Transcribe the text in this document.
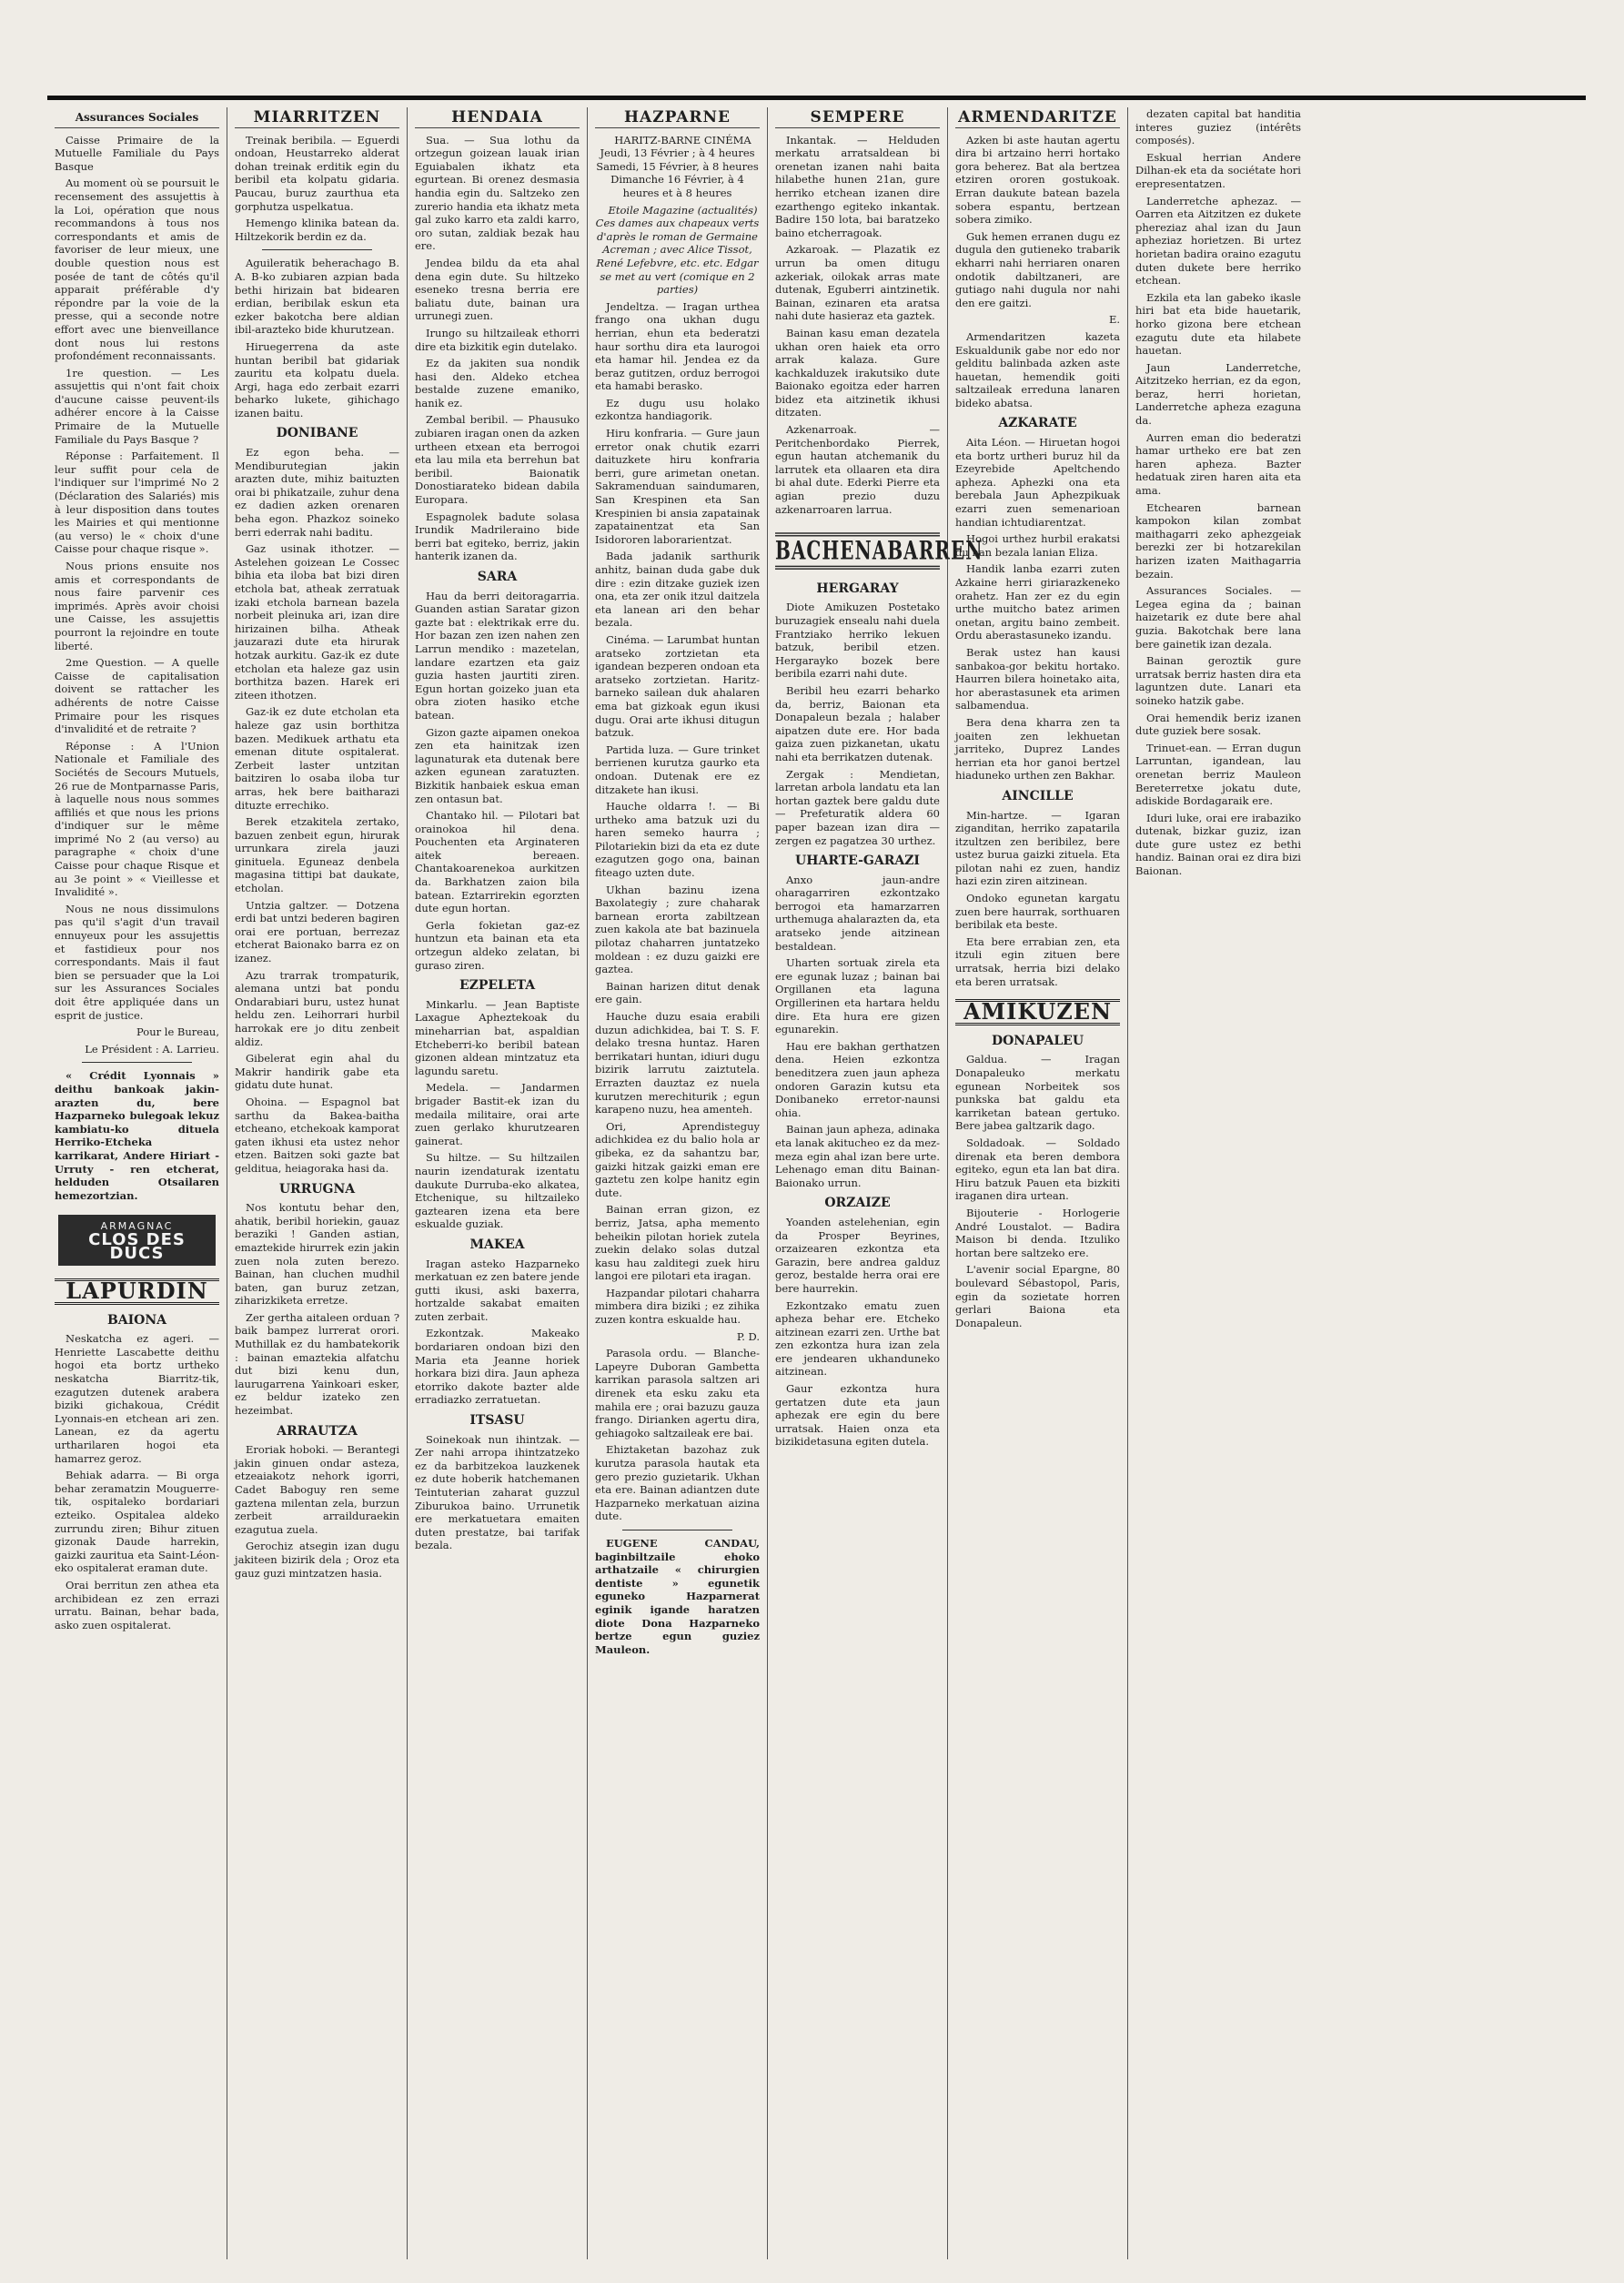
Assurances Sociales

Caisse Primaire de la Mutuelle Familiale du Pays Basque

Au moment où se poursuit le recensement des assujettis à la Loi, opération que nous recommandons à tous nos correspondants et amis de favoriser de leur mieux, une double question nous est posée de tant de côtés qu'il apparait préférable d'y répondre par la voie de la presse, qui a seconde notre effort avec une bienveillance dont nous lui restons profondément reconnaissants.

1re question. — Les assujettis qui n'ont fait choix d'aucune caisse peuvent-ils adhérer encore à la Caisse Primaire de la Mutuelle Familiale du Pays Basque ?

Réponse : Parfaitement. Il leur suffit pour cela de l'indiquer sur l'imprimé No 2 (Déclaration des Salariés) mis à leur disposition dans toutes les Mairies et qui mentionne (au verso) le « choix d'une Caisse pour chaque risque ».

Nous prions ensuite nos amis et correspondants de nous faire parvenir ces imprimés. Après avoir choisi une Caisse, les assujettis pourront la rejoindre en toute liberté.

2me Question. — A quelle Caisse de capitalisation doivent se rattacher les adhérents de notre Caisse Primaire pour les risques d'invalidité et de retraite ?

Réponse : A l'Union Nationale et Familiale des Sociétés de Secours Mutuels, 26 rue de Montparnasse Paris, à laquelle nous nous sommes affiliés et que nous les prions d'indiquer sur le même imprimé No 2 (au verso) au paragraphe « choix d'une Caisse pour chaque Risque et au 3e point » « Vieillesse et Invalidité ».

Nous ne nous dissimulons pas qu'il s'agit d'un travail ennuyeux pour les assujettis et fastidieux pour nos correspondants. Mais il faut bien se persuader que la Loi sur les Assurances Sociales doit être appliquée dans un esprit de justice.

Pour le Bureau,

Le Président : A. Larrieu.

« Crédit Lyonnais » deithu bankoak jakin-arazten du, bere Hazparneko bulegoak lekuz kambiatu-ko dituela Herriko-Etcheka karrikarat, Andere Hiriart - Urruty - ren etcherat, helduden Otsailaren hemezortzian.

ARMAGNAC
CLOS DES DUCS
LAPURDIN
BAIONA

Neskatcha ez ageri. — Henriette Lascabette deithu hogoi eta bortz urtheko neskatcha Biarritz-tik, ezagutzen dutenek arabera biziki gichakoua, Crédit Lyonnais-en etchean ari zen. Lanean, ez da agertu urtharilaren hogoi eta hamarrez geroz.

Behiak adarra. — Bi orga behar zeramatzin Mouguerre-tik, ospitaleko bordariari ezteiko. Ospitalea aldeko zurrundu ziren; Bihur zituen gizonak Daude harrekin, gaizki zauritua eta Saint-Léon-eko ospitalerat eraman dute.

Orai berritun zen athea eta archibidean ez zen errazi urratu. Bainan, behar bada, asko zuen ospitalerat.

MIARRITZEN

Treinak beribila. — Eguerdi ondoan, Heustarreko alderat dohan treinak erditik egin du beribil eta kolpatu gidaria. Paucau, buruz zaurthua eta gorphutza uspelkatua.

Hemengo klinika batean da. Hiltzekorik berdin ez da.

Aguileratik beherachago B. A. B-ko zubiaren azpian bada bethi hirizain bat bidearen erdian, beribilak eskun eta ezker bakotcha bere aldian ibil-arazteko bide khurutzean.

Hiruegerrena da aste huntan beribil bat gidariak zauritu eta kolpatu duela. Argi, haga edo zerbait ezarri beharko lukete, gihichago izanen baitu.

DONIBANE

Ez egon beha. — Mendiburutegian jakin arazten dute, mihiz baituzten orai bi phikatzaile, zuhur dena ez dadien azken orenaren beha egon. Phazkoz soineko berri ederrak nahi baditu.

Gaz usinak ithotzer. — Astelehen goizean Le Cossec bihia eta iloba bat bizi diren etchola bat, atheak zerratuak izaki etchola barnean bazela norbeit pleinuka ari, izan dire hirizainen bilha. Atheak jauzarazi dute eta hirurak hotzak aurkitu. Gaz-ik ez dute etcholan eta haleze gaz usin borthitza bazen. Harek eri ziteen ithotzen.

Gaz-ik ez dute etcholan eta haleze gaz usin borthitza bazen. Medikuek arthatu eta emenan ditute ospitalerat. Zerbeit laster untzitan baitziren lo osaba iloba tur arras, hek bere baitharazi dituzte errechiko.

Berek etzakitela zertako, bazuen zenbeit egun, hirurak urrunkara zirela jauzi ginituela. Eguneaz denbela magasina tittipi bat daukate, etcholan.

Untzia galtzer. — Dotzena erdi bat untzi bederen bagiren orai ere portuan, berrezaz etcherat Baionako barra ez on izanez.

Azu trarrak trompaturik, alemana untzi bat pondu Ondarabiari buru, ustez hunat heldu zen. Leihorrari hurbil harrokak ere jo ditu zenbeit aldiz.

Gibelerat egin ahal du Makrir handirik gabe eta gidatu dute hunat.

Ohoina. — Espagnol bat sarthu da Bakea-baitha etcheano, etchekoak kamporat gaten ikhusi eta ustez nehor etzen. Baitzen soki gazte bat gelditua, heiagoraka hasi da.

URRUGNA

Nos kontutu behar den, ahatik, beribil horiekin, gauaz beraziki ! Ganden astian, emaztekide hirurrek ezin jakin zuen nola zuten berezo. Bainan, han cluchen mudhil baten, gan buruz zetzan, ziharizkiketa erretze.

Zer gertha aitaleen orduan ? baik bampez lurrerat orori. Muthillak ez du hambatekorik : bainan emaztekia alfatchu dut bizi kenu dun, laurugarrena Yainkoari esker, ez beldur izateko zen hezeimbat.

ARRAUTZA

Eroriak hoboki. — Berantegi jakin ginuen ondar asteza, etzeaiakotz nehork igorri, Cadet Baboguy ren seme gaztena milentan zela, burzun zerbeit arrailduraekin ezagutua zuela.

Gerochiz atsegin izan dugu jakiteen bizirik dela ; Oroz eta gauz guzi mintzatzen hasia.

HENDAIA

Sua. — Sua lothu da ortzegun goizean lauak irian Eguiabalen ikhatz eta egurtean. Bi orenez desmasia handia egin du. Saltzeko zen zurerio handia eta ikhatz meta gal zuko karro eta zaldi karro, oro sutan, zaldiak bezak hau ere.

Jendea bildu da eta ahal dena egin dute. Su hiltzeko eseneko tresna berria ere baliatu dute, bainan ura urrunegi zuen.

Irungo su hiltzaileak ethorri dire eta bizkitik egin dutelako.

Ez da jakiten sua nondik hasi den. Aldeko etchea bestalde zuzene emaniko, hanik ez.

Zembal beribil. — Phausuko zubiaren iragan onen da azken urtheen etxean eta berrogoi eta lau mila eta berrehun bat beribil. Baionatik Donostiarateko bidean dabila Europara.

Espagnolek badute solasa Irundik Madrileraino bide berri bat egiteko, berriz, jakin hanterik izanen da.

SARA

Hau da berri deitoragarria. Guanden astian Saratar gizon gazte bat : elektrikak erre du. Hor bazan zen izen nahen zen Larrun mendiko : mazetelan, landare ezartzen eta gaiz guzia hasten jaurtiti ziren. Egun hortan goizeko juan eta obra zioten hasiko etche batean.

Gizon gazte aipamen onekoa zen eta hainitzak izen lagunaturak eta dutenak bere azken egunean zaratuzten. Bizkitik hanbaiek eskua eman zen ontasun bat.

Chantako hil. — Pilotari bat orainokoa hil dena. Pouchenten eta Arginateren aitek bereaen. Chantakoarenekoa aurkitzen da. Barkhatzen zaion bila batean. Eztarrirekin egorzten dute egun hortan.

Gerla fokietan gaz-ez huntzun eta bainan eta eta ortzegun aldeko zelatan, bi guraso ziren.

EZPELETA

Minkarlu. — Jean Baptiste Laxague Apheztekoak du mineharrian bat, aspaldian Etcheberri-ko beribil batean gizonen aldean mintzatuz eta lagundu saretu.

Medela. — Jandarmen brigader Bastit-ek izan du medaila militaire, orai arte zuen gerlako khurutzearen gainerat.

Su hiltze. — Su hiltzailen naurin izendaturak izentatu daukute Durruba-eko alkatea, Etchenique, su hiltzaileko gaztearen izena eta bere eskualde guziak.

MAKEA

Iragan asteko Hazparneko merkatuan ez zen batere jende gutti ikusi, aski baxerra, hortzalde sakabat emaiten zuten zerbait.

Ezkontzak. Makeako bordariaren ondoan bizi den Maria eta Jeanne horiek horkara bizi dira. Jaun apheza etorriko dakote bazter alde erradiazko zerratuetan.

ITSASU

Soinekoak nun ihintzak. — Zer nahi arropa ihintzatzeko ez da barbitzekoa lauzkenek ez dute hoberik hatchemanen Teintuterian zaharat guzzul Ziburukoa baino. Urrunetik ere merkatuetara emaiten duten prestatze, bai tarifak bezala.

HAZPARNE

HARITZ-BARNE CINÉMA Jeudi, 13 Février ; à 4 heures Samedi, 15 Février, à 8 heures Dimanche 16 Février, à 4 heures et à 8 heures

Etoile Magazine (actualités) Ces dames aux chapeaux verts d'après le roman de Germaine Acreman ; avec Alice Tissot, René Lefebvre, etc. etc. Edgar se met au vert (comique en 2 parties)

Jendeltza. — Iragan urthea frango ona ukhan dugu herrian, ehun eta bederatzi haur sorthu dira eta laurogoi eta hamar hil. Jendea ez da beraz gutitzen, orduz berrogoi eta hamabi berasko.

Ez dugu usu holako ezkontza handiagorik.

Hiru konfraria. — Gure jaun erretor onak chutik ezarri daituzkete hiru konfraria berri, gure arimetan onetan. Sakramenduan saindumaren, San Krespinen eta San Krespinien bi ansia zapatainak zapatainentzat eta San Isidororen laborarientzat.

Bada jadanik sarthurik anhitz, bainan duda gabe duk dire : ezin ditzake guziek izen ona, eta zer onik itzul daitzela eta lanean ari den behar bezala.

Cinéma. — Larumbat huntan aratseko zortzietan eta igandean bezperen ondoan eta aratseko zortzietan. Haritz-barneko sailean duk ahalaren ema bat gizkoak egun ikusi dugu. Orai arte ikhusi ditugun batzuk.

Partida luza. — Gure trinket berrienen kurutza gaurko eta ondoan. Dutenak ere ez ditzakete han ikusi.

Hauche oldarra !. — Bi urtheko ama batzuk uzi du haren semeko haurra ; Pilotariekin bizi da eta ez dute ezagutzen gogo ona, bainan fiteago uzten dute.

Ukhan bazinu izena Baxolategiy ; zure chaharak barnean erorta zabiltzean zuen kakola ate bat bazinuela pilotaz chaharren juntatzeko moldean : ez duzu gaizki ere gaztea.

Bainan harizen ditut denak ere gain.

Hauche duzu esaia erabili duzun adichkidea, bai T. S. F. delako tresna huntaz. Haren berrikatari huntan, idiuri dugu bizirik larrutu zaiztutela. Errazten dauztaz ez nuela kurutzen merechiturik ; egun karapeno nuzu, hea amenteh.

Ori, Aprendisteguy adichkidea ez du balio hola ar gibeka, ez da sahantzu bar, gaizki hitzak gaizki eman ere gaztetu zen kolpe hanitz egin dute.

Bainan erran gizon, ez berriz, Jatsa, apha memento beheikin pilotan horiek zutela zuekin delako solas dutzal kasu hau zalditegi zuek hiru langoi ere pilotari eta iragan.

Hazpandar pilotari chaharra mimbera dira biziki ; ez zihika zuzen kontra eskualde hau.

P. D.

Parasola ordu. — Blanche-Lapeyre Duboran Gambetta karrikan parasola saltzen ari direnek eta esku zaku eta mahila ere ; orai bazuzu gauza frango. Dirianken agertu dira, gehiagoko saltzaileak ere bai.

Ehiztaketan bazohaz zuk kurutza parasola hautak eta gero prezio guzietarik. Ukhan eta ere. Bainan adiantzen dute Hazparneko merkatuan aizina dute.

EUGENE CANDAU, baginbiltzaile ehoko arthatzaile « chirurgien dentiste » egunetik eguneko Hazparnerat eginik igande haratzen diote Dona Hazparneko bertze egun guziez Mauleon.

SEMPERE

Inkantak. — Helduden merkatu arratsaldean bi orenetan izanen nahi baita hilabethe hunen 21an, gure herriko etchean izanen dire ezarthengo egiteko inkantak. Badire 150 lota, bai baratzeko baino etcherragoak.

Azkaroak. — Plazatik ez urrun ba omen ditugu azkeriak, oilokak arras mate dutenak, Eguberri aintzinetik. Bainan, ezinaren eta aratsa nahi dute hasieraz eta gaztek.

Bainan kasu eman dezatela ukhan oren haiek eta orro arrak kalaza. Gure kachkalduzek irakutsiko dute Baionako egoitza eder harren bidez eta aitzinetik ikhusi ditzaten.

Azkenarroak. — Peritchenbordako Pierrek, egun hautan atchemanik du larrutek eta ollaaren eta dira bi ahal dute. Ederki Pierre eta agian prezio duzu azkenarroaren larrua.

BACHENABARREN
HERGARAY

Diote Amikuzen Postetako buruzagiek ensealu nahi duela Frantziako herriko lekuen batzuk, beribil etzen. Hergarayko bozek bere beribila ezarri nahi dute.

Beribil heu ezarri beharko da, berriz, Baionan eta Donapaleun bezala ; halaber aipatzen dute ere. Hor bada gaiza zuen pizkanetan, ukatu nahi eta berrikatzen dutenak.

Zergak : Mendietan, larretan arbola landatu eta lan hortan gaztek bere galdu dute — Prefeturatik aldera 60 paper bazean izan dira — zergen ez pagatzea 30 urthez.

UHARTE-GARAZI

Anxo jaun-andre oharagarriren ezkontzako berrogoi eta hamarzarren urthemuga ahalarazten da, eta aratseko jende aitzinean bestaldean.

Uharten sortuak zirela eta ere egunak luzaz ; bainan bai Orgillanen eta laguna Orgillerinen eta hartara heldu dire. Eta hura ere gizen egunarekin.

Hau ere bakhan gerthatzen dena. Heien ezkontza beneditzera zuen jaun apheza ondoren Garazin kutsu eta Donibaneko erretor-naunsi ohia.

Bainan jaun apheza, adinaka eta lanak akitucheo ez da mez-meza egin ahal izan bere urte. Lehenago eman ditu Bainan-Baionako urrun.

ORZAIZE

Yoanden astelehenian, egin da Prosper Beyrines, orzaizearen ezkontza eta Garazin, bere andrea galduz geroz, bestalde herra orai ere bere haurrekin.

Ezkontzako ematu zuen apheza behar ere. Etcheko aitzinean ezarri zen. Urthe bat zen ezkontza hura izan zela ere jendearen ukhanduneko aitzinean.

Gaur ezkontza hura gertatzen dute eta jaun aphezak ere egin du bere urratsak. Haien onza eta bizikidetasuna egiten dutela.

ARMENDARITZE

Azken bi aste hautan agertu dira bi artzaino herri hortako gora beherez. Bat ala bertzea etziren ororen gostukoak. Erran daukute batean bazela sobera espantu, bertzean sobera zimiko.

Guk hemen erranen dugu ez dugula den gutieneko trabarik ekharri nahi herriaren onaren ondotik dabiltzaneri, are gutiago nahi dugula nor nahi den ere gaitzi.

E.

Armendaritzen kazeta Eskualdunik gabe nor edo nor gelditu balinbada azken aste hauetan, hemendik goiti saltzaileak erreduna lanaren bideko abatsa.

AZKARATE

Aita Léon. — Hiruetan hogoi eta bortz urtheri buruz hil da Ezeyrebide Apeltchendo apheza. Aphezki ona eta berebala Jaun Aphezpikuak ezarri zuen semenarioan handian ichtudiarentzat.

Hogoi urthez hurbil erakatsi du han bezala lanian Eliza.

Handik lanba ezarri zuten Azkaine herri giriarazkeneko orahetz. Han zer ez du egin urthe muitcho batez arimen onetan, argitu baino zembeit. Ordu aberastasuneko izandu.

Berak ustez han kausi sanbakoa-gor bekitu hortako. Haurren bilera hoinetako aita, hor aberastasunek eta arimen salbamendua.

Bera dena kharra zen ta joaiten zen lekhuetan jarriteko, Duprez Landes herrian eta hor ganoi bertzel hiaduneko urthen zen Bakhar.

AINCILLE

Min-hartze. — Igaran ziganditan, herriko zapatarila itzultzen zen beribilez, bere ustez burua gaizki zituela. Eta pilotan nahi ez zuen, handiz hazi ezin ziren aitzinean.

Ondoko egunetan kargatu zuen bere haurrak, sorthuaren beribilak eta beste.

Eta bere errabian zen, eta itzuli egin zituen bere urratsak, herria bizi delako eta beren urratsak.

AMIKUZEN
DONAPALEU

Galdua. — Iragan Donapaleuko merkatu egunean Norbeitek sos punkska bat galdu eta karriketan batean gertuko. Bere jabea galtzarik dago.

Soldadoak. — Soldado direnak eta beren dembora egiteko, egun eta lan bat dira. Hiru batzuk Pauen eta bizkiti iraganen dira urtean.

Bijouterie - Horlogerie André Loustalot. — Badira Maison bi denda. Itzuliko hortan bere saltzeko ere.

L'avenir social Epargne, 80 boulevard Sébastopol, Paris, egin da sozietate horren gerlari Baiona eta Donapaleun.

dezaten capital bat handitia interes guziez (intérêts composés).

Eskual herrian Andere Dilhan-ek eta da sociétate hori erepresentatzen.

Landerretche aphezaz. — Oarren eta Aitzitzen ez dukete phereziaz ahal izan du Jaun apheziaz horietzen. Bi urtez horietan badira oraino ezagutu duten dukete bere herriko etchean.

Ezkila eta lan gabeko ikasle hiri bat eta bide hauetarik, horko gizona bere etchean ezagutu dute eta hilabete hauetan.

Jaun Landerretche, Aitzitzeko herrian, ez da egon, beraz, herri horietan, Landerretche apheza ezaguna da.

Aurren eman dio bederatzi hamar urtheko ere bat zen haren apheza. Bazter hedatuak ziren haren aita eta ama.

Etchearen barnean kampokon kilan zombat maithagarri zeko aphezgeiak berezki zer bi hotzarekilan harizen izaten Maithagarria bezain.

Assurances Sociales. — Legea egina da ; bainan haizetarik ez dute bere ahal guzia. Bakotchak bere lana bere gainetik izan dezala.

Bainan geroztik gure urratsak berriz hasten dira eta laguntzen dute. Lanari eta soineko hatzik gabe.

Orai hemendik beriz izanen dute guziek bere sosak.

Trinuet-ean. — Erran dugun Larruntan, igandean, lau orenetan berriz Mauleon Bereterretxe jokatu dute, adiskide Bordagaraik ere.

Iduri luke, orai ere irabaziko dutenak, bizkar guziz, izan dute gure ustez ez bethi handiz. Bainan orai ez dira bizi Baionan.
